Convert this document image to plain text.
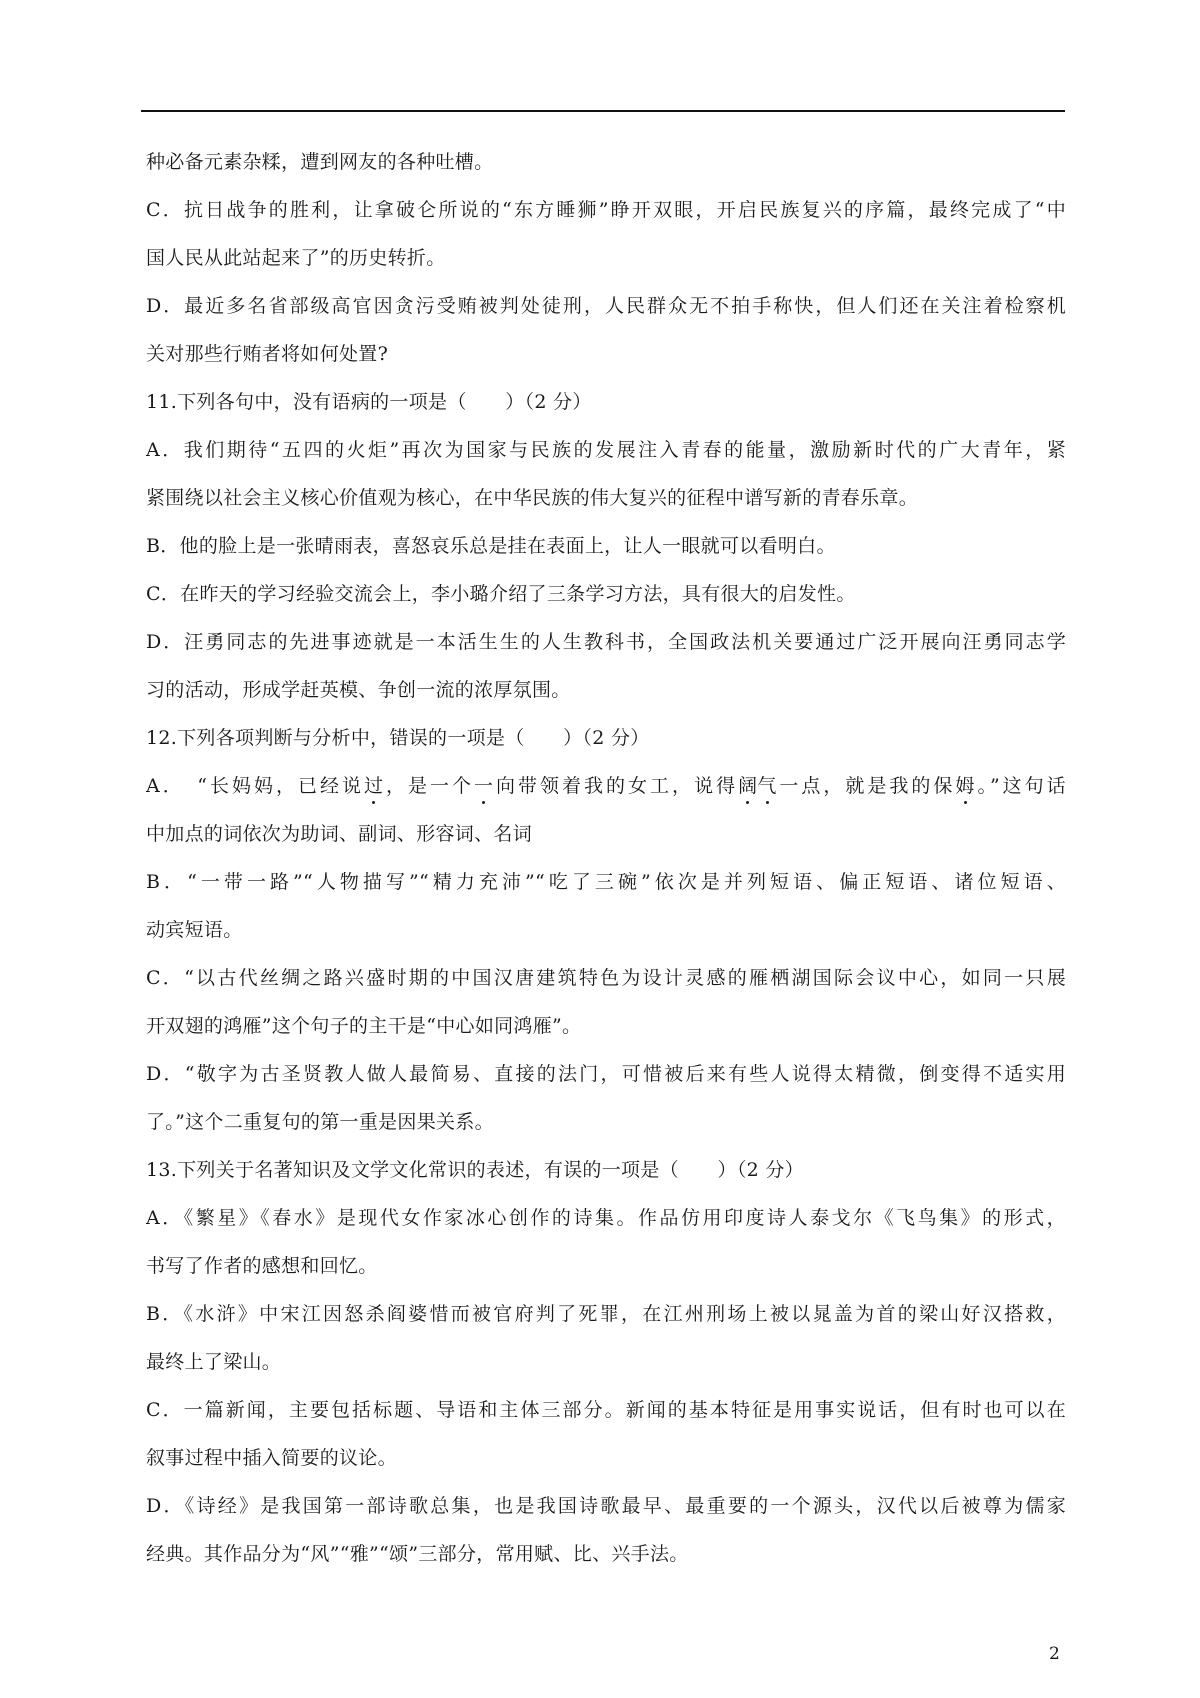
种必备元素杂糅，遭到网友的各种吐槽。
C．抗日战争的胜利，让拿破仑所说的“东方睡狮”睁开双眼，开启民族复兴的序篇，最终完成了“中
国人民从此站起来了”的历史转折。
D．最近多名省部级高官因贪污受贿被判处徒刑，人民群众无不拍手称快，但人们还在关注着检察机
关对那些行贿者将如何处置?
11.下列各句中，没有语病的一项是（　　）（2 分）
A．我们期待“五四的火炬”再次为国家与民族的发展注入青春的能量，激励新时代的广大青年，紧
紧围绕以社会主义核心价值观为核心，在中华民族的伟大复兴的征程中谱写新的青春乐章。
B．他的脸上是一张晴雨表，喜怒哀乐总是挂在表面上，让人一眼就可以看明白。
C．在昨天的学习经验交流会上，李小璐介绍了三条学习方法，具有很大的启发性。
D．汪勇同志的先进事迹就是一本活生生的人生教科书，全国政法机关要通过广泛开展向汪勇同志学
习的活动，形成学赶英模、争创一流的浓厚氛围。
12.下列各项判断与分析中，错误的一项是（　　）（2 分）
A．　“长妈妈，已经说过，是一个一向带领着我的女工，说得阔气一点，就是我的保姆。”这句话
中加点的词依次为助词、副词、形容词、名词
B．“一带一路”“人物描写”“精力充沛”“吃了三碗”依次是并列短语、偏正短语、诸位短语、
动宾短语。
C．“以古代丝绸之路兴盛时期的中国汉唐建筑特色为设计灵感的雁栖湖国际会议中心，如同一只展
开双翅的鸿雁”这个句子的主干是“中心如同鸿雁”。
D．“敬字为古圣贤教人做人最简易、直接的法门，可惜被后来有些人说得太精微，倒变得不适实用
了。”这个二重复句的第一重是因果关系。
13.下列关于名著知识及文学文化常识的表述，有误的一项是（　　）（2 分）
A．《繁星》《春水》是现代女作家冰心创作的诗集。作品仿用印度诗人泰戈尔《飞鸟集》的形式，
书写了作者的感想和回忆。
B．《水浒》中宋江因怒杀阎婆惜而被官府判了死罪，在江州刑场上被以晁盖为首的梁山好汉搭救，
最终上了梁山。
C．一篇新闻，主要包括标题、导语和主体三部分。新闻的基本特征是用事实说话，但有时也可以在
叙事过程中插入简要的议论。
D．《诗经》是我国第一部诗歌总集，也是我国诗歌最早、最重要的一个源头，汉代以后被尊为儒家
经典。其作品分为“风”“雅”“颂”三部分，常用赋、比、兴手法。
2
